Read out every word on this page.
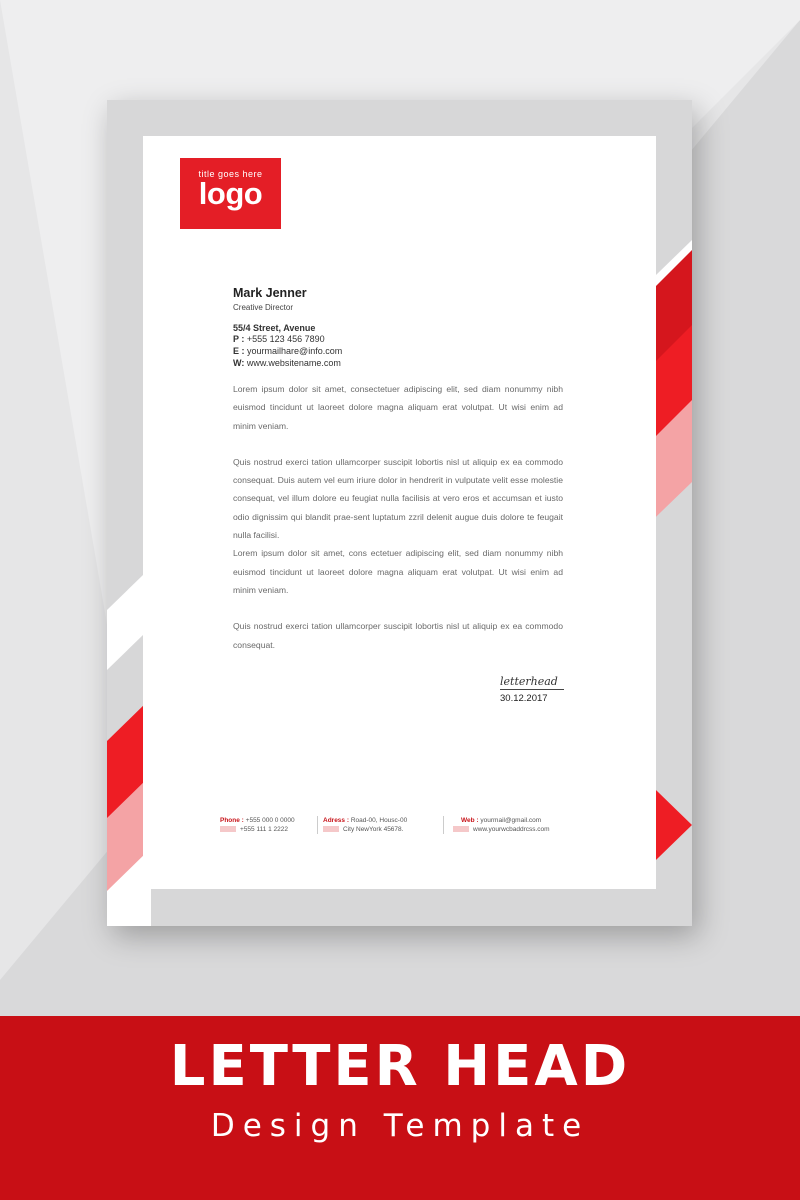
title goes here
logo
Mark Jenner
Creative Director
55/4 Street, Avenue
P : +555 123 456 7890
E : yourmailhare@info.com
W: www.websitename.com

Lorem ipsum dolor sit amet, consectetuer adipiscing elit, sed diam nonummy nibh euismod tincidunt ut laoreet dolore magna aliquam erat volutpat. Ut wisi enim ad minim veniam.

Quis nostrud exerci tation ullamcorper suscipit lobortis nisl ut aliquip ex ea commodo consequat. Duis autem vel eum iriure dolor in hendrerit in vulputate velit esse molestie consequat, vel illum dolore eu feugiat nulla facilisis at vero eros et accumsan et iusto odio dignissim qui blandit prae-sent luptatum zzril delenit augue duis dolore te feugait nulla facilisi.

Lorem ipsum dolor sit amet, cons ectetuer adipiscing elit, sed diam nonummy nibh euismod tincidunt ut laoreet dolore magna aliquam erat volutpat. Ut wisi enim ad minim veniam.

Quis nostrud exerci tation ullamcorper suscipit lobortis nisl ut aliquip ex ea commodo consequat.

letterhead
30.12.2017
Phone : +555 000 0 0000
+555 111 1 2222
Adress : Road-00, Housc-00
City NewYork 45678.
Web : yourmail@gmail.com
www.yourwcbaddrcss.com
LETTER HEAD
Design Template
